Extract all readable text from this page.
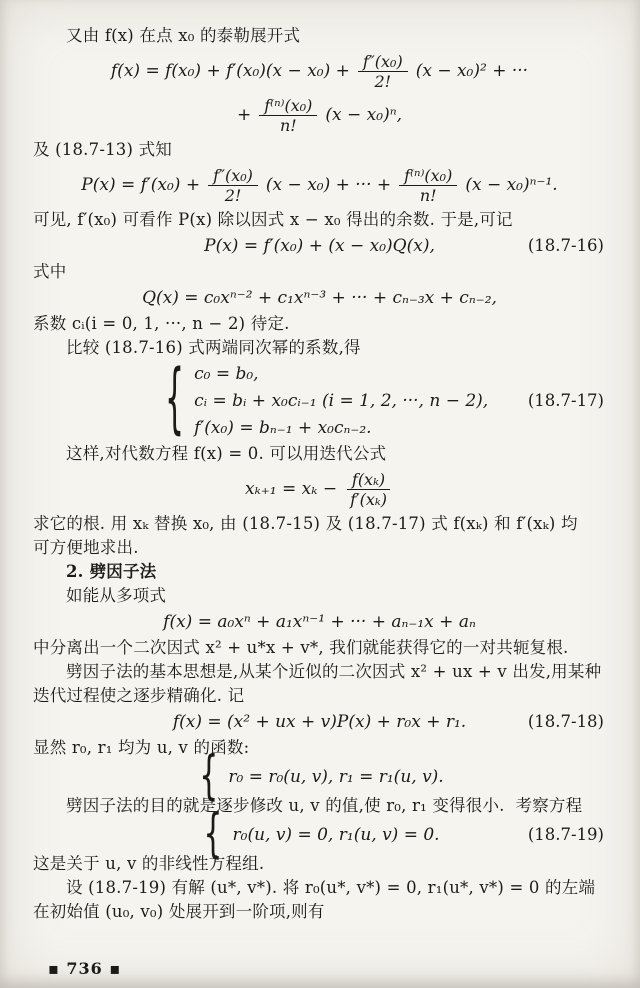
又由 f(x) 在点 x₀ 的泰勒展开式

$f(x) = f(x_0) + f'(x_0)(x - x_0) + \frac{\text{f″(x₀)}}{2!} (x - x_0)^2$ + ···
+ $\frac{\text{f⁽ⁿ⁾(x₀)}}{n!} (x - x_0)^n$,

及 (18.7-13) 式知

$P(x) = f'(x_0) + \frac{\text{f″(x₀)}}{2!} (x - x_0)$ + ··· + $\frac{\text{f⁽ⁿ⁾(x₀)}}{n!} (x - x_0)^{n-1}$.

可见, f′(x₀) 可看作 P(x) 除以因式 x − x₀ 得出的余数. 于是,可记

P(x) = f′(x₀) + (x − x₀)Q(x),	(18.7-16)

式中

Q(x) = c₀xⁿ⁻² + c₁xⁿ⁻³ + ··· + cₙ₋₃x + cₙ₋₂,

系数 cᵢ(i = 0, 1, ···, n − 2) 待定.

比较 (18.7-16) 式两端同次幂的系数,得

{ c₀ = b₀,
cᵢ = bᵢ + x₀cᵢ₋₁ (i = 1, 2, ···, n − 2),
f′(x₀) = bₙ₋₁ + x₀cₙ₋₂.
(18.7-17)

这样,对代数方程 f(x) = 0. 可以用迭代公式

$x_{k+1} = x_k - \frac{\text{f(xₖ)}}{\text{f′(xₖ)}}$

求它的根. 用 xₖ 替换 x₀, 由 (18.7-15) 及 (18.7-17) 式 f(xₖ) 和 f′(xₖ) 均

可方便地求出.

2. 劈因子法

如能从多项式

f(x) = a₀xⁿ + a₁xⁿ⁻¹ + ··· + aₙ₋₁x + aₙ

中分离出一个二次因式 x² + u*x + v*, 我们就能获得它的一对共轭复根.

劈因子法的基本思想是,从某个近似的二次因式 x² + ux + v 出发,用某种

迭代过程使之逐步精确化. 记

f(x) = (x² + ux + v)P(x) + r₀x + r₁.	(18.7-18)

显然 r₀, r₁ 均为 u, v 的函数:

{ r₀ = r₀(u, v), r₁ = r₁(u, v).

劈因子法的目的就是逐步修改 u, v 的值,使 r₀, r₁ 变得很小.  考察方程

{ r₀(u, v) = 0, r₁(u, v) = 0.	(18.7-19)

这是关于 u, v 的非线性方程组.

设 (18.7-19) 有解 (u*, v*). 将 r₀(u*, v*) = 0, r₁(u*, v*) = 0 的左端

在初始值 (u₀, v₀) 处展开到一阶项,则有

▪ 736 ▪
